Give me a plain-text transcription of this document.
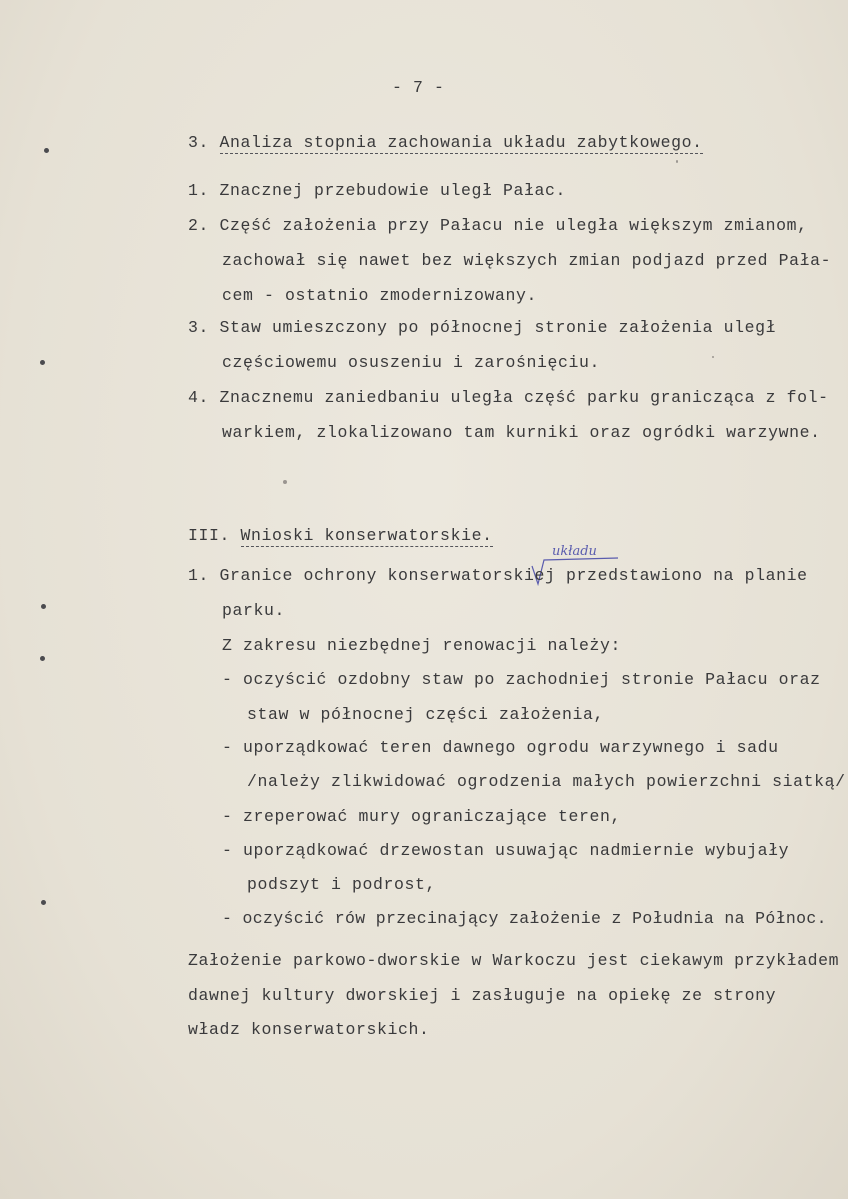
- 7 -
3. Analiza stopnia zachowania układu zabytkowego.
1. Znacznej przebudowie uległ Pałac.
2. Część założenia przy Pałacu nie uległa większym zmianom,
zachował się nawet bez większych zmian podjazd przed Pała-
cem - ostatnio zmodernizowany.
3. Staw umieszczony po północnej stronie założenia uległ
częściowemu osuszeniu i zarośnięciu.
4. Znacznemu zaniedbaniu uległa część parku granicząca z fol-
warkiem, zlokalizowano tam kurniki oraz ogródki warzywne.
III. Wnioski konserwatorskie.
układu
1. Granice ochrony konserwatorskiej przedstawiono na planie
parku.
Z zakresu niezbędnej renowacji należy:
- oczyścić ozdobny staw po zachodniej stronie Pałacu oraz
staw w północnej części założenia,
- uporządkować teren dawnego ogrodu warzywnego i sadu
/należy zlikwidować ogrodzenia małych powierzchni siatką/
- zreperować mury ograniczające teren,
- uporządkować drzewostan usuwając nadmiernie wybujały
podszyt i podrost,
- oczyścić rów przecinający założenie z Południa na Północ.
Założenie parkowo-dworskie w Warkoczu jest ciekawym przykładem
dawnej kultury dworskiej i zasługuje na opiekę ze strony
władz konserwatorskich.
